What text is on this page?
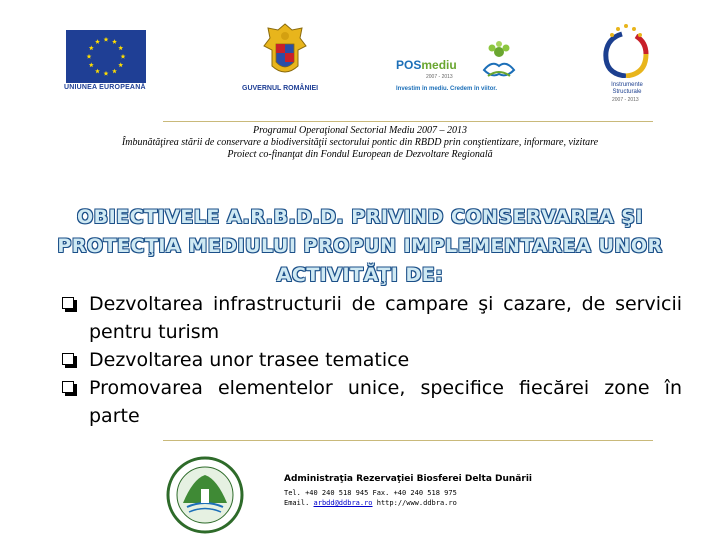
UNIUNEA EUROPEANĂ	GUVERNUL ROMÂNIEI
POSmediu
2007 - 2013
Investim în mediu. Credem în viitor.
Instrumente Structurale
2007 - 2013
Programul Operaţional Sectorial Mediu 2007 – 2013
Îmbunătăţirea stării de conservare a biodiversităţii sectorului pontic din RBDD prin conştientizare, informare, vizitare
Proiect co-finanţat din Fondul European de Dezvoltare Regională
OBIECTIVELE A.R.B.D.D. PRIVIND CONSERVAREA ŞI PROTECŢIA MEDIULUI PROPUN IMPLEMENTAREA UNOR ACTIVITĂŢI DE:
Dezvoltarea infrastructurii de campare şi cazare, de servicii pentru turism
Dezvoltarea unor trasee tematice
Promovarea elementelor unice, specifice fiecărei zone în parte
Administraţia Rezervaţiei Biosferei Delta Dunării
Tel. +40 240 518 945 Fax. +40 240 518 975
Email. arbdd@ddbra.ro http://www.ddbra.ro
